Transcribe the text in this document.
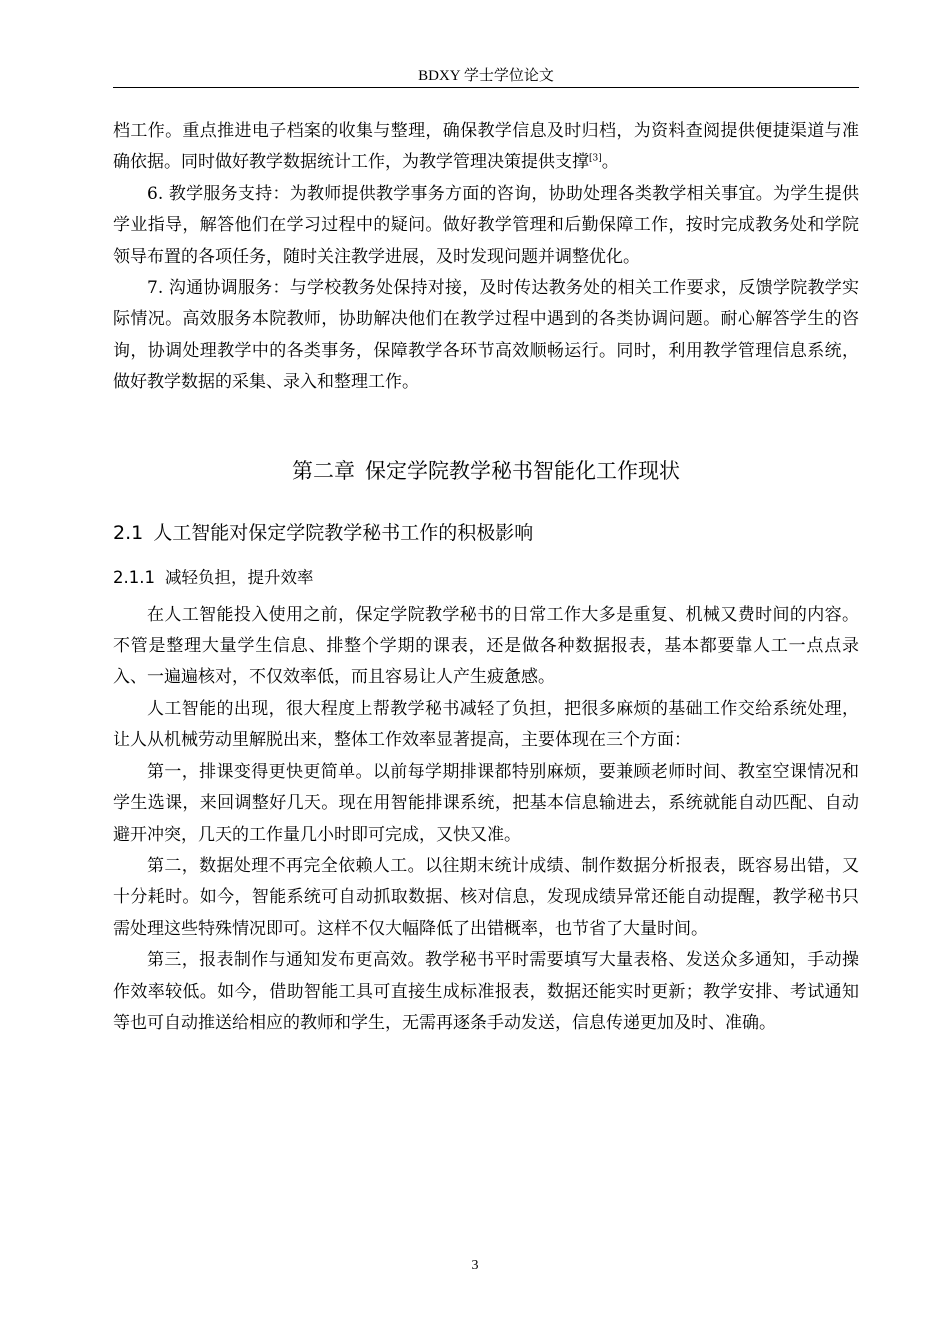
BDXY 学士学位论文

档工作。重点推进电子档案的收集与整理，确保教学信息及时归档，为资料查阅提供便捷渠道与准确依据。同时做好教学数据统计工作，为教学管理决策提供支撑[3]。

6. 教学服务支持：为教师提供教学事务方面的咨询，协助处理各类教学相关事宜。为学生提供学业指导，解答他们在学习过程中的疑问。做好教学管理和后勤保障工作，按时完成教务处和学院领导布置的各项任务，随时关注教学进展，及时发现问题并调整优化。

7. 沟通协调服务：与学校教务处保持对接，及时传达教务处的相关工作要求，反馈学院教学实际情况。高效服务本院教师，协助解决他们在教学过程中遇到的各类协调问题。耐心解答学生的咨询，协调处理教学中的各类事务，保障教学各环节高效顺畅运行。同时，利用教学管理信息系统，做好教学数据的采集、录入和整理工作。

第二章 保定学院教学秘书智能化工作现状
2.1 人工智能对保定学院教学秘书工作的积极影响
2.1.1 减轻负担，提升效率

在人工智能投入使用之前，保定学院教学秘书的日常工作大多是重复、机械又费时间的内容。不管是整理大量学生信息、排整个学期的课表，还是做各种数据报表，基本都要靠人工一点点录入、一遍遍核对，不仅效率低，而且容易让人产生疲惫感。

人工智能的出现，很大程度上帮教学秘书减轻了负担，把很多麻烦的基础工作交给系统处理，让人从机械劳动里解脱出来，整体工作效率显著提高，主要体现在三个方面：

第一，排课变得更快更简单。以前每学期排课都特别麻烦，要兼顾老师时间、教室空课情况和学生选课，来回调整好几天。现在用智能排课系统，把基本信息输进去，系统就能自动匹配、自动避开冲突，几天的工作量几小时即可完成，又快又准。

第二，数据处理不再完全依赖人工。以往期末统计成绩、制作数据分析报表，既容易出错，又十分耗时。如今，智能系统可自动抓取数据、核对信息，发现成绩异常还能自动提醒，教学秘书只需处理这些特殊情况即可。这样不仅大幅降低了出错概率，也节省了大量时间。

第三，报表制作与通知发布更高效。教学秘书平时需要填写大量表格、发送众多通知，手动操作效率较低。如今，借助智能工具可直接生成标准报表，数据还能实时更新；教学安排、考试通知等也可自动推送给相应的教师和学生，无需再逐条手动发送，信息传递更加及时、准确。

3
